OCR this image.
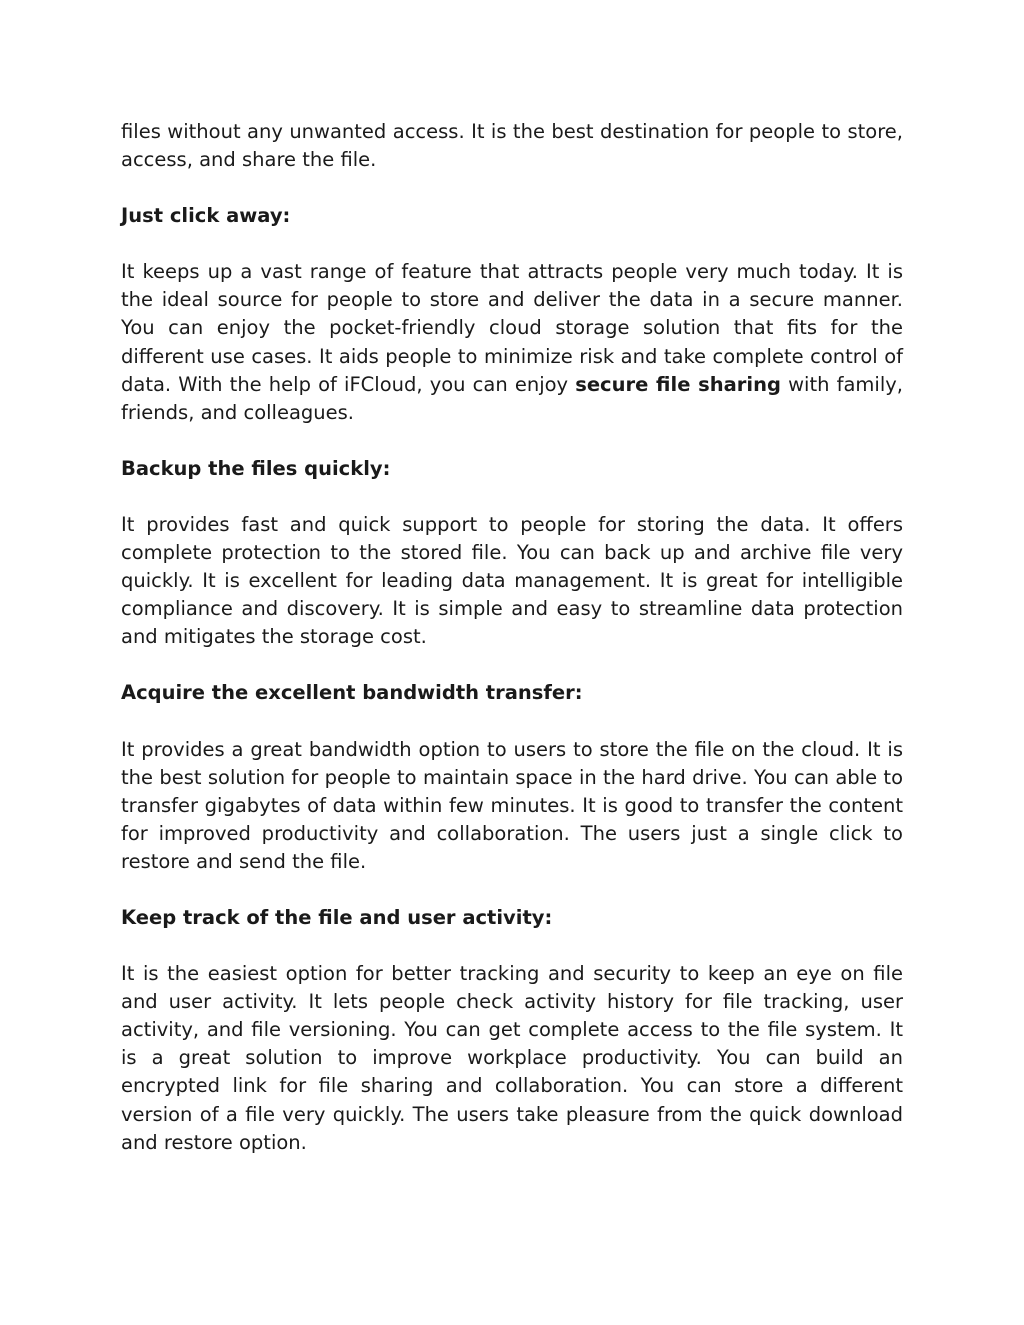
files without any unwanted access. It is the best destination for people to store, access, and share the file.

Just click away:

It keeps up a vast range of feature that attracts people very much today. It is the ideal source for people to store and deliver the data in a secure manner. You can enjoy the pocket-friendly cloud storage solution that fits for the different use cases. It aids people to minimize risk and take complete control of data. With the help of iFCloud, you can enjoy secure file sharing with family, friends, and colleagues.

Backup the files quickly:

It provides fast and quick support to people for storing the data. It offers complete protection to the stored file. You can back up and archive file very quickly. It is excellent for leading data management. It is great for intelligible compliance and discovery. It is simple and easy to streamline data protection and mitigates the storage cost.

Acquire the excellent bandwidth transfer:

It provides a great bandwidth option to users to store the file on the cloud. It is the best solution for people to maintain space in the hard drive. You can able to transfer gigabytes of data within few minutes. It is good to transfer the content for improved productivity and collaboration. The users just a single click to restore and send the file.

Keep track of the file and user activity:

It is the easiest option for better tracking and security to keep an eye on file and user activity. It lets people check activity history for file tracking, user activity, and file versioning. You can get complete access to the file system. It is a great solution to improve workplace productivity. You can build an encrypted link for file sharing and collaboration. You can store a different version of a file very quickly. The users take pleasure from the quick download and restore option.
